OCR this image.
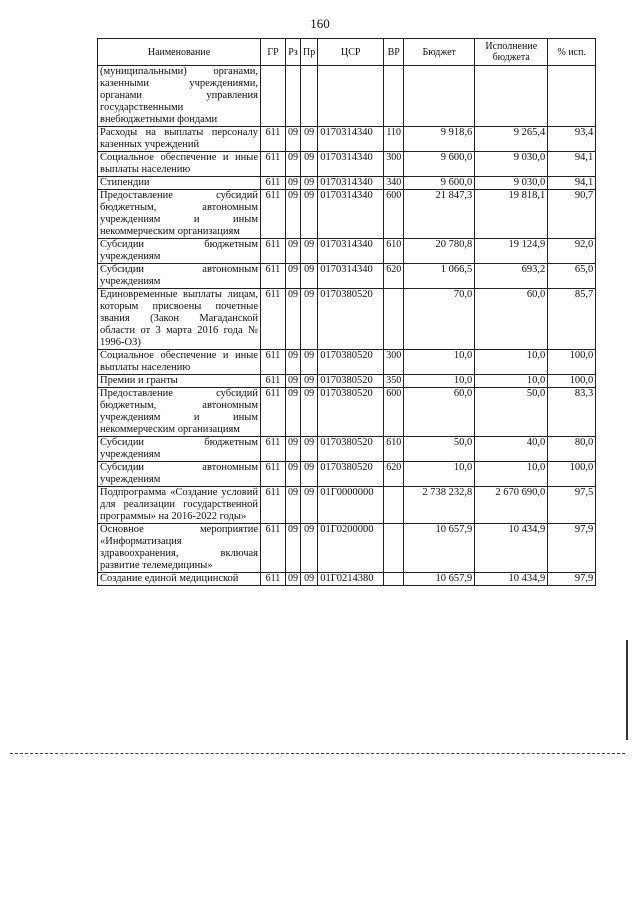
160
Наименование	ГР	Рз	Пр	ЦСР	ВР	Бюджет	Исполнение бюджета	% исп.
(муниципальными) органами, казенными учреждениями, органами управления государственными внебюджетными фондами								
Расходы на выплаты персоналу казенных учреждений	611	09	09	0170314340	110	9 918,6	9 265,4	93,4
Социальное обеспечение и иные выплаты населению	611	09	09	0170314340	300	9 600,0	9 030,0	94,1
Стипендии	611	09	09	0170314340	340	9 600,0	9 030,0	94,1
Предоставление субсидий бюджетным, автономным учреждениям и иным некоммерческим организациям	611	09	09	0170314340	600	21 847,3	19 818,1	90,7
Субсидии бюджетным учреждениям	611	09	09	0170314340	610	20 780,8	19 124,9	92,0
Субсидии автономным учреждениям	611	09	09	0170314340	620	1 066,5	693,2	65,0
Единовременные выплаты лицам, которым присвоены почетные звания (Закон Магаданской области от 3 марта 2016 года № 1996-ОЗ)	611	09	09	0170380520		70,0	60,0	85,7
Социальное обеспечение и иные выплаты населению	611	09	09	0170380520	300	10,0	10,0	100,0
Премии и гранты	611	09	09	0170380520	350	10,0	10,0	100,0
Предоставление субсидий бюджетным, автономным учреждениям и иным некоммерческим организациям	611	09	09	0170380520	600	60,0	50,0	83,3
Субсидии бюджетным учреждениям	611	09	09	0170380520	610	50,0	40,0	80,0
Субсидии автономным учреждениям	611	09	09	0170380520	620	10,0	10,0	100,0
Подпрограмма «Создание условий для реализации государственной программы» на 2016-2022 годы»	611	09	09	01Г0000000		2 738 232,8	2 670 690,0	97,5
Основное мероприятие «Информатизация здравоохранения, включая развитие телемедицины»	611	09	09	01Г0200000		10 657,9	10 434,9	97,9
Создание единой медицинской	611	09	09	01Г0214380		10 657,9	10 434,9	97,9
